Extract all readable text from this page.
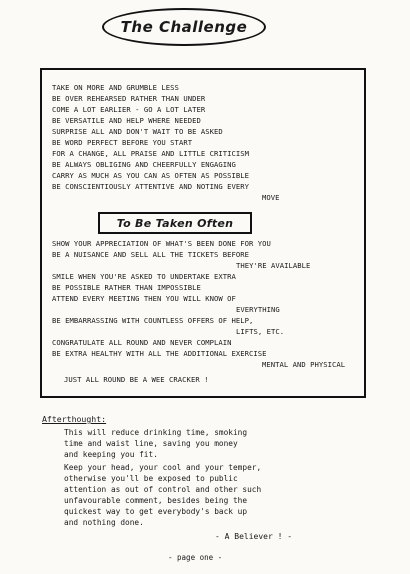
The Challenge
TAKE ON MORE AND GRUMBLE LESS
BE OVER REHEARSED RATHER THAN UNDER
COME A LOT EARLIER - GO A LOT LATER
BE VERSATILE AND HELP WHERE NEEDED
SURPRISE ALL AND DON'T WAIT TO BE ASKED
BE WORD PERFECT BEFORE YOU START
FOR A CHANGE, ALL PRAISE AND LITTLE CRITICISM
BE ALWAYS OBLIGING AND CHEERFULLY ENGAGING
CARRY AS MUCH AS YOU CAN AS OFTEN AS POSSIBLE
BE CONSCIENTIOUSLY ATTENTIVE AND NOTING EVERY
MOVE
To Be Taken Often
SHOW YOUR APPRECIATION OF WHAT'S BEEN DONE FOR YOU
BE A NUISANCE AND SELL ALL THE TICKETS BEFORE
THEY'RE AVAILABLE
SMILE WHEN YOU'RE ASKED TO UNDERTAKE EXTRA
BE POSSIBLE RATHER THAN IMPOSSIBLE
ATTEND EVERY MEETING THEN YOU WILL KNOW OF
EVERYTHING
BE EMBARRASSING WITH COUNTLESS OFFERS OF HELP,
LIFTS, ETC.
CONGRATULATE ALL ROUND AND NEVER COMPLAIN
BE EXTRA HEALTHY WITH ALL THE ADDITIONAL EXERCISE
MENTAL AND PHYSICAL
JUST ALL ROUND BE A WEE CRACKER !
Afterthought:
This will reduce drinking time, smoking
time and waist line, saving you money
and keeping you fit.
Keep your head, your cool and your temper,
otherwise you'll be exposed to public
attention as out of control and other such
unfavourable comment, besides being the
quickest way to get everybody's back up
and nothing done.
- A Believer ! -
- page one -
